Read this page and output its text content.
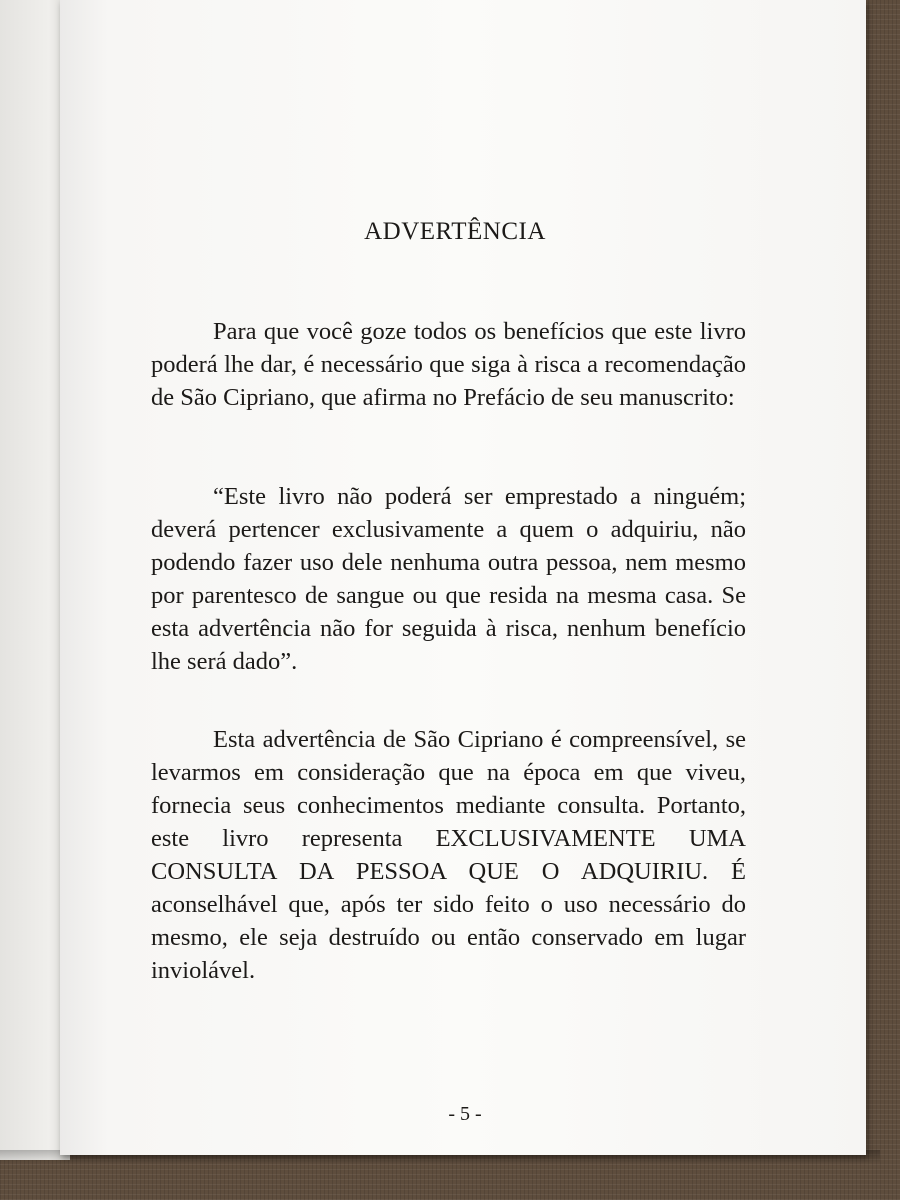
ADVERTÊNCIA

Para que você goze todos os benefícios que este livro poderá lhe dar, é necessário que siga à risca a recomendação de São Cipriano, que afirma no Prefácio de seu manuscrito:

“Este livro não poderá ser emprestado a ninguém; deverá pertencer exclusivamente a quem o adquiriu, não podendo fazer uso dele nenhuma outra pessoa, nem mesmo por parentesco de sangue ou que resida na mesma casa. Se esta advertência não for seguida à risca, nenhum benefício lhe será dado”.

Esta advertência de São Cipriano é compreensível, se levarmos em consideração que na época em que viveu, fornecia seus conhecimentos mediante consulta. Portanto, este livro representa EXCLUSIVAMENTE UMA CONSULTA DA PESSOA QUE O ADQUIRIU. É aconselhável que, após ter sido feito o uso necessário do mesmo, ele seja destruído ou então conservado em lugar inviolável.

- 5 -
